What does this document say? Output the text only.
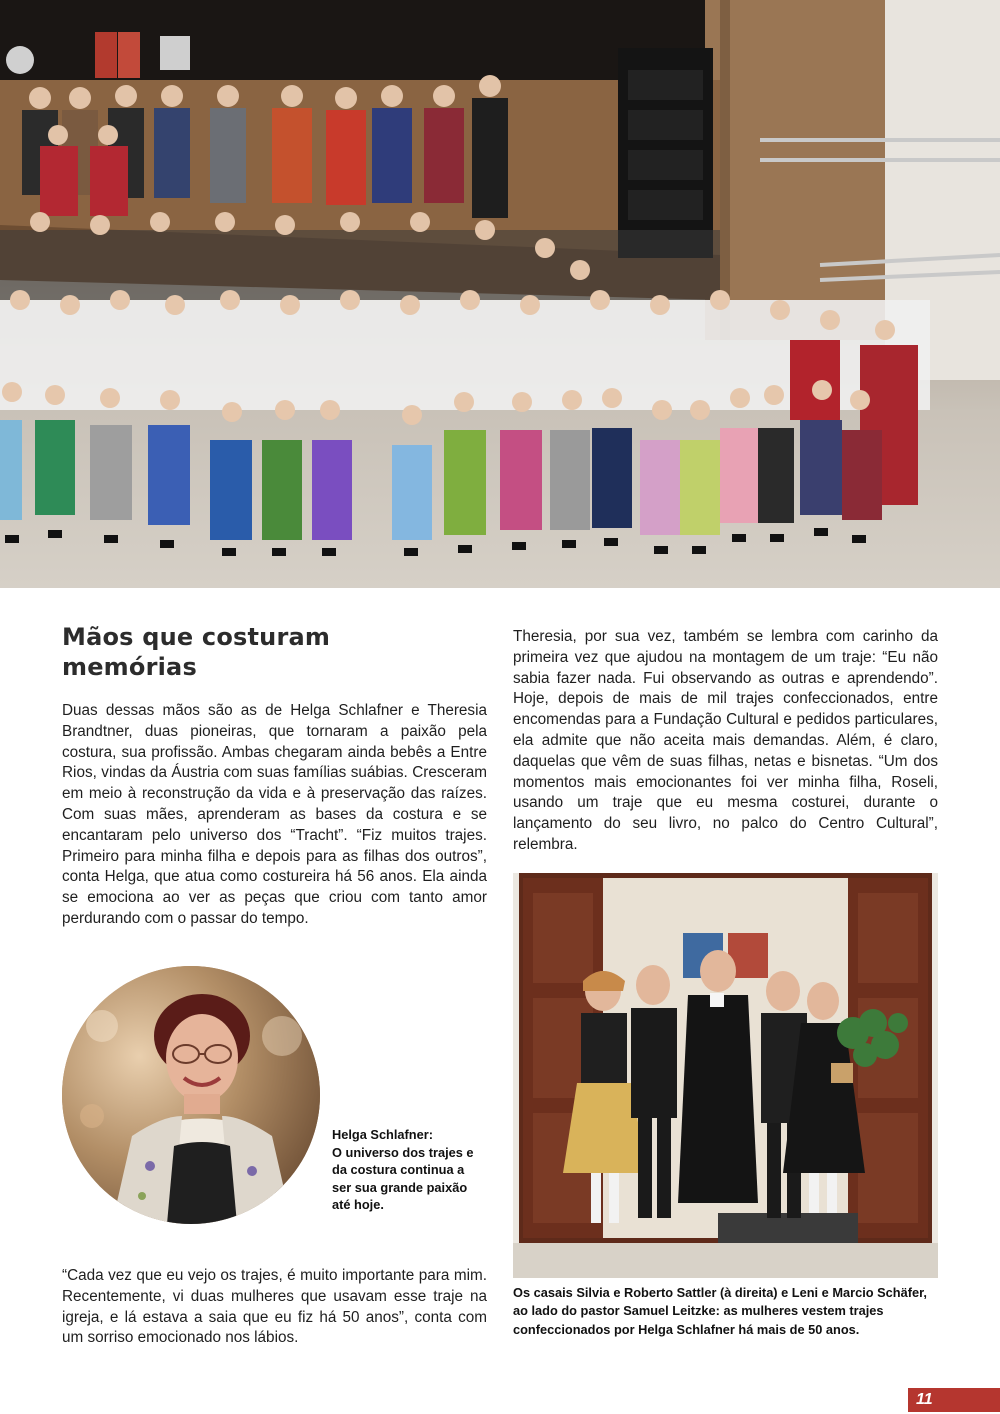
Mãos que costuram
memórias

Duas dessas mãos são as de Helga Schlafner e Theresia Brandtner, duas pioneiras, que tornaram a paixão pela costura, sua profissão. Ambas chegaram ainda bebês a Entre Rios, vindas da Áustria com suas famílias suábias. Cresceram em meio à reconstrução da vida e à preservação das raízes. Com suas mães, aprenderam as bases da costura e se encantaram pelo universo dos “Tracht”. “Fiz muitos trajes. Primeiro para minha filha e depois para as filhas dos outros”, conta Helga, que atua como costureira há 56 anos. Ela ainda se emociona ao ver as peças que criou com tanto amor perdurando com o passar do tempo.

Theresia, por sua vez, também se lembra com carinho da primeira vez que ajudou na montagem de um traje: “Eu não sabia fazer nada. Fui observando as outras e aprendendo”. Hoje, depois de mais de mil trajes confeccionados, entre encomendas para a Fundação Cultural e pedidos particulares, ela admite que não aceita mais demandas. Além, é claro, daquelas que vêm de suas filhas, netas e bisnetas. “Um dos momentos mais emocionantes foi ver minha filha, Roseli, usando um traje que eu mesma costurei, durante o lançamento do seu livro, no palco do Centro Cultural”, relembra.

Helga Schlafner:
O universo dos trajes e da costura continua a ser sua grande paixão até hoje.

“Cada vez que eu vejo os trajes, é muito importante para mim. Recentemente, vi duas mulheres que usavam esse traje na igreja, e lá estava a saia que eu fiz há 50 anos”, conta com um sorriso emocionado nos lábios.

Os casais Silvia e Roberto Sattler (à direita) e Leni e Marcio Schäfer, ao lado do pastor Samuel Leitzke: as mulheres vestem trajes confeccionados por Helga Schlafner há mais de 50 anos.

11
